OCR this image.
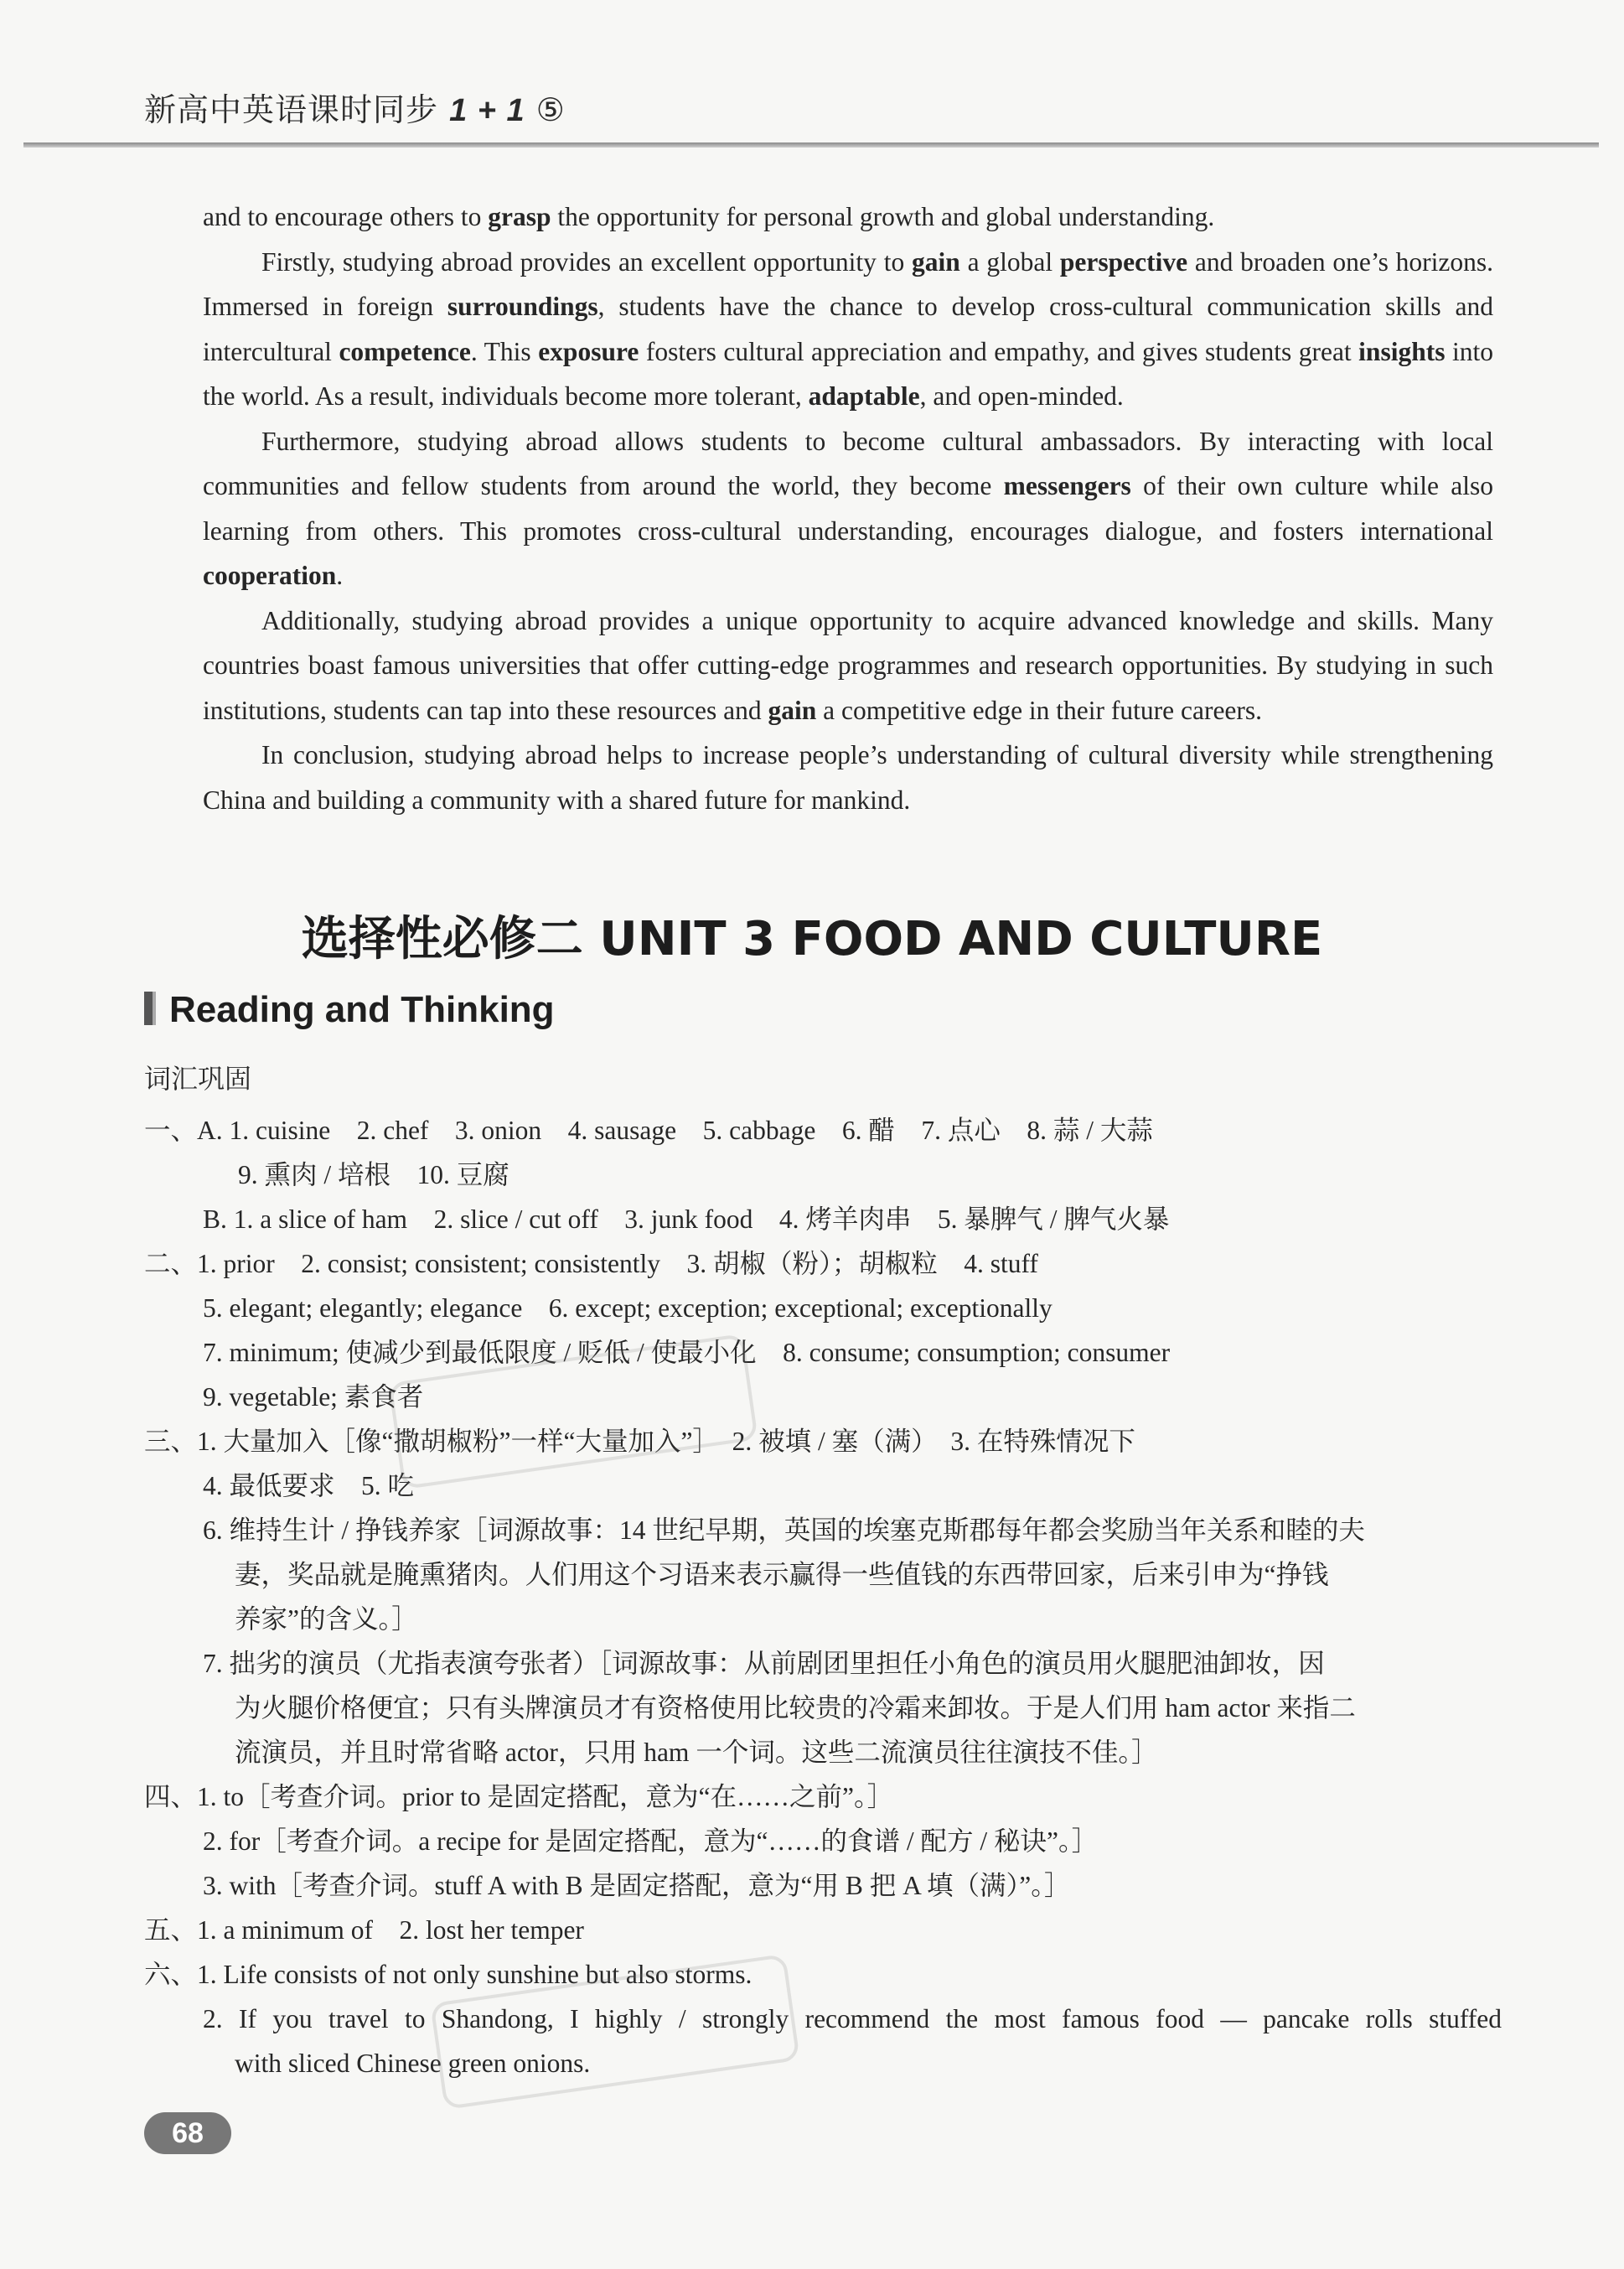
新高中英语课时同步 1 + 1 ⑤

and to encourage others to grasp the opportunity for personal growth and global understanding.

Firstly, studying abroad provides an excellent opportunity to gain a global perspective and broaden one’s horizons. Immersed in foreign surroundings, students have the chance to develop cross-cultural communication skills and intercultural competence. This exposure fosters cultural appreciation and empathy, and gives students great insights into the world. As a result, individuals become more tolerant, adaptable, and open-minded.

Furthermore, studying abroad allows students to become cultural ambassadors. By interacting with local communities and fellow students from around the world, they become messengers of their own culture while also learning from others. This promotes cross-cultural understanding, encourages dialogue, and fosters international cooperation.

Additionally, studying abroad provides a unique opportunity to acquire advanced knowledge and skills. Many countries boast famous universities that offer cutting-edge programmes and research opportunities. By studying in such institutions, students can tap into these resources and gain a competitive edge in their future careers.

In conclusion, studying abroad helps to increase people’s understanding of cultural diversity while strengthening China and building a community with a shared future for mankind.

选择性必修二 UNIT 3 FOOD AND CULTURE
Reading and Thinking
词汇巩固
一、A. 1. cuisine　2. chef　3. onion　4. sausage　5. cabbage　6. 醋　7. 点心　8. 蒜 / 大蒜
9. 熏肉 / 培根　10. 豆腐
B. 1. a slice of ham　2. slice / cut off　3. junk food　4. 烤羊肉串　5. 暴脾气 / 脾气火暴
二、1. prior　2. consist; consistent; consistently　3. 胡椒（粉）；胡椒粒　4. stuff
5. elegant; elegantly; elegance　6. except; exception; exceptional; exceptionally
7. minimum; 使减少到最低限度 / 贬低 / 使最小化　8. consume; consumption; consumer
9. vegetable; 素食者
三、1. 大量加入［像“撒胡椒粉”一样“大量加入”］　2. 被填 / 塞（满）　3. 在特殊情况下
4. 最低要求　5. 吃
6. 维持生计 / 挣钱养家［词源故事：14 世纪早期，英国的埃塞克斯郡每年都会奖励当年关系和睦的夫
妻，奖品就是腌熏猪肉。人们用这个习语来表示赢得一些值钱的东西带回家，后来引申为“挣钱
养家”的含义。］
7. 拙劣的演员（尤指表演夸张者）［词源故事：从前剧团里担任小角色的演员用火腿肥油卸妆，因
为火腿价格便宜；只有头牌演员才有资格使用比较贵的冷霜来卸妆。于是人们用 ham actor 来指二
流演员，并且时常省略 actor，只用 ham 一个词。这些二流演员往往演技不佳。］
四、1. to［考查介词。prior to 是固定搭配，意为“在……之前”。］
2. for［考查介词。a recipe for 是固定搭配，意为“……的食谱 / 配方 / 秘诀”。］
3. with［考查介词。stuff A with B 是固定搭配，意为“用 B 把 A 填（满）”。］
五、1. a minimum of　2. lost her temper
六、1. Life consists of not only sunshine but also storms.
2. If you travel to Shandong, I highly / strongly recommend the most famous food — pancake rolls stuffed
with sliced Chinese green onions.
68
